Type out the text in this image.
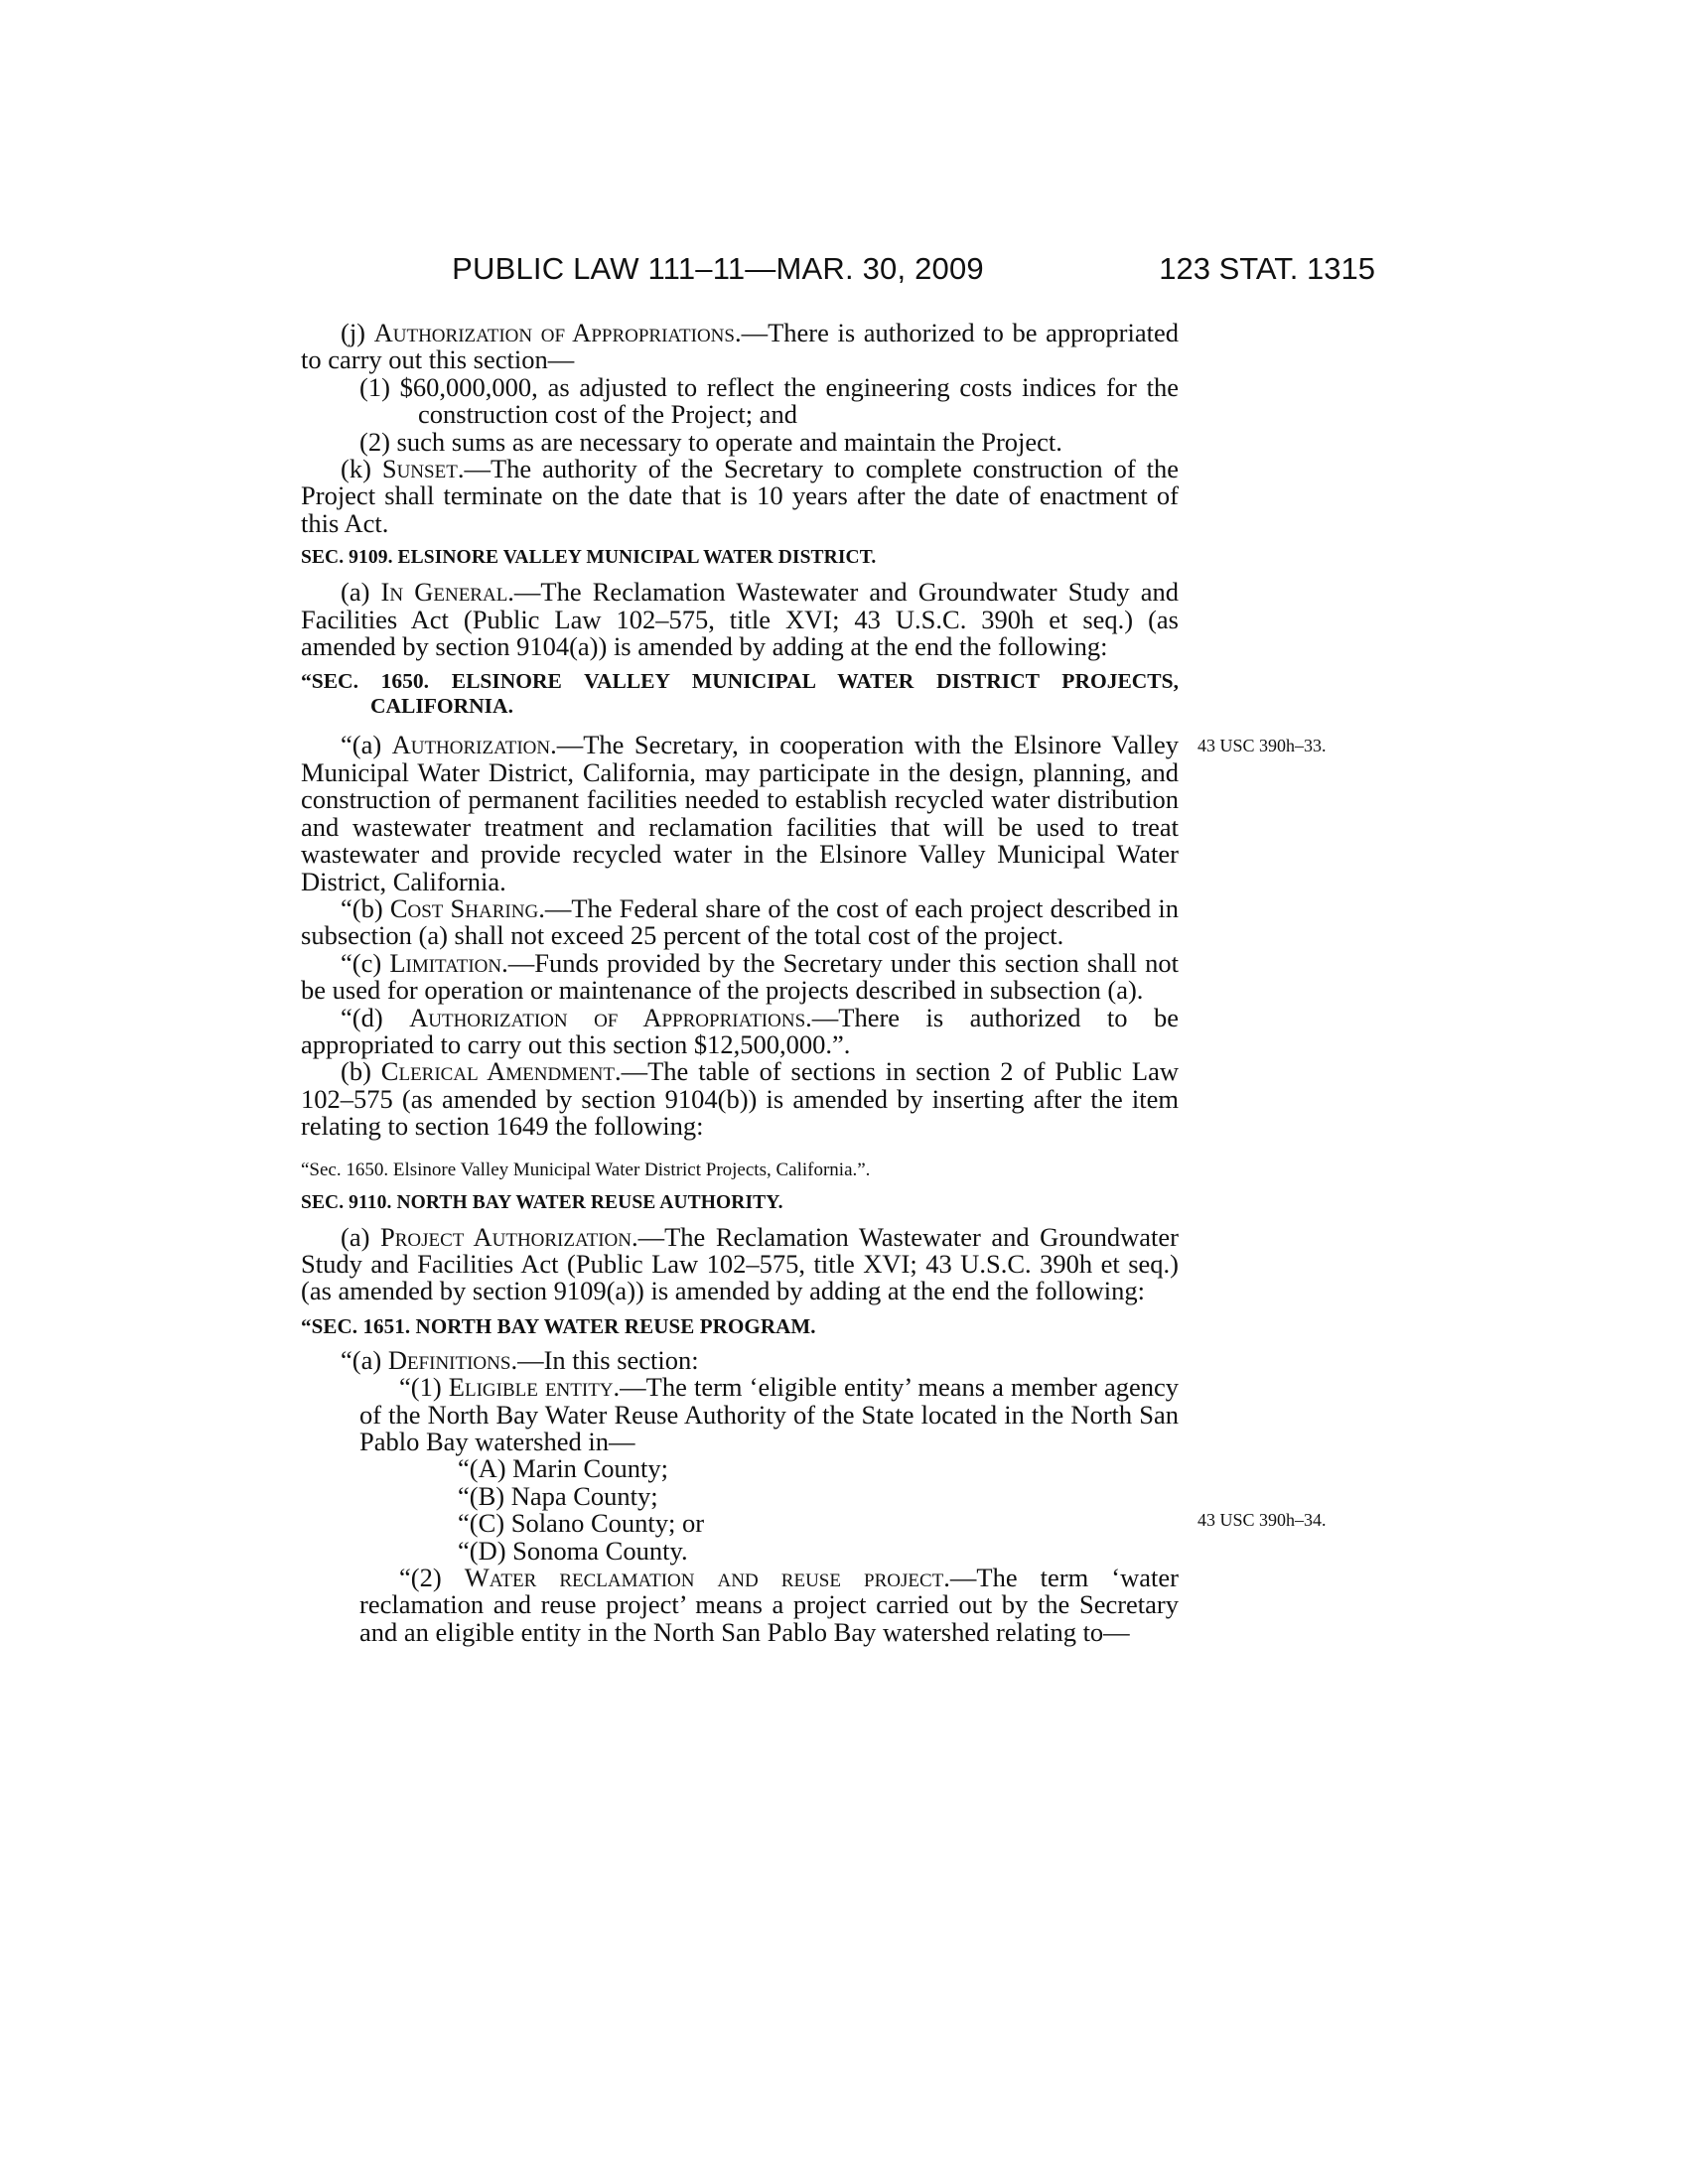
PUBLIC LAW 111–11—MAR. 30, 2009	123 STAT. 1315
43 USC 390h–33.
43 USC 390h–34.

(j) Authorization of Appropriations.—There is authorized to be appropriated to carry out this section—

(1) $60,000,000, as adjusted to reflect the engineering costs indices for the construction cost of the Project; and

(2) such sums as are necessary to operate and maintain the Project.

(k) Sunset.—The authority of the Secretary to complete construction of the Project shall terminate on the date that is 10 years after the date of enactment of this Act.

SEC. 9109. ELSINORE VALLEY MUNICIPAL WATER DISTRICT.

(a) In General.—The Reclamation Wastewater and Groundwater Study and Facilities Act (Public Law 102–575, title XVI; 43 U.S.C. 390h et seq.) (as amended by section 9104(a)) is amended by adding at the end the following:

“SEC. 1650. ELSINORE VALLEY MUNICIPAL WATER DISTRICT PROJECTS, CALIFORNIA.

“(a) Authorization.—The Secretary, in cooperation with the Elsinore Valley Municipal Water District, California, may participate in the design, planning, and construction of permanent facilities needed to establish recycled water distribution and wastewater treatment and reclamation facilities that will be used to treat wastewater and provide recycled water in the Elsinore Valley Municipal Water District, California.

“(b) Cost Sharing.—The Federal share of the cost of each project described in subsection (a) shall not exceed 25 percent of the total cost of the project.

“(c) Limitation.—Funds provided by the Secretary under this section shall not be used for operation or maintenance of the projects described in subsection (a).

“(d) Authorization of Appropriations.—There is authorized to be appropriated to carry out this section $12,500,000.”.

(b) Clerical Amendment.—The table of sections in section 2 of Public Law 102–575 (as amended by section 9104(b)) is amended by inserting after the item relating to section 1649 the following:

“Sec. 1650. Elsinore Valley Municipal Water District Projects, California.”.

SEC. 9110. NORTH BAY WATER REUSE AUTHORITY.

(a) Project Authorization.—The Reclamation Wastewater and Groundwater Study and Facilities Act (Public Law 102–575, title XVI; 43 U.S.C. 390h et seq.) (as amended by section 9109(a)) is amended by adding at the end the following:

“SEC. 1651. NORTH BAY WATER REUSE PROGRAM.

“(a) Definitions.—In this section:

“(1) Eligible entity.—The term ‘eligible entity’ means a member agency of the North Bay Water Reuse Authority of the State located in the North San Pablo Bay watershed in—

“(A) Marin County;

“(B) Napa County;

“(C) Solano County; or

“(D) Sonoma County.

“(2) Water reclamation and reuse project.—The term ‘water reclamation and reuse project’ means a project carried out by the Secretary and an eligible entity in the North San Pablo Bay watershed relating to—
